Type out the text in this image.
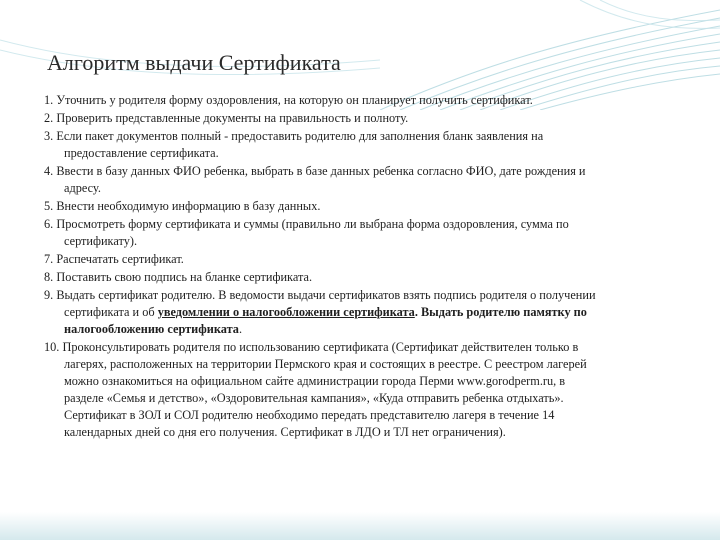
Алгоритм выдачи Сертификата
1. Уточнить у родителя форму оздоровления, на которую он планирует получить сертификат.
2. Проверить представленные документы на правильность и полноту.
3. Если пакет документов полный - предоставить родителю для заполнения бланк заявления на
предоставление сертификата.
4. Ввести в базу данных ФИО ребенка, выбрать в базе данных ребенка согласно ФИО, дате рождения и
адресу.
5. Внести необходимую информацию в базу данных.
6. Просмотреть форму сертификата и суммы (правильно ли выбрана форма оздоровления, сумма по
сертификату).
7. Распечатать сертификат.
8. Поставить свою подпись на бланке сертификата.
9. Выдать сертификат родителю. В ведомости выдачи сертификатов взять подпись родителя о получении
сертификата и об уведомлении о налогообложении сертификата. Выдать родителю памятку по
налогообложению сертификата.
10. Проконсультировать родителя по использованию сертификата (Сертификат действителен только в
лагерях, расположенных на территории Пермского края и состоящих в реестре. С реестром лагерей
можно ознакомиться на официальном сайте администрации города Перми www.gorodperm.ru, в
разделе «Семья и детство», «Оздоровительная кампания», «Куда отправить ребенка отдыхать».
Сертификат в ЗОЛ и СОЛ родителю необходимо передать представителю лагеря в течение 14
календарных дней со дня его получения. Сертификат в ЛДО и ТЛ нет ограничения).
